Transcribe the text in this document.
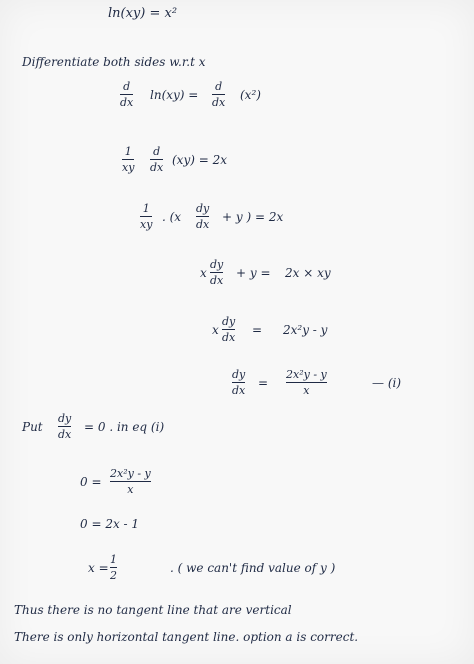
ln(xy) = x²
Differentiate both sides w.r.t x
d
dx
ln(xy) =
d
dx
(x²)
1
xy
d
dx
(xy) = 2x
1
xy
. (x
dy
dx
+ y ) = 2x
x
dy
dx
+ y = 2x × xy
x
dy
dx
= 2x²y - y
dy
dx
=
2x²y - y
x
— (i)
Put
dy
dx
= 0 . in eq (i)
0 =
2x²y - y
x
0 = 2x - 1
x =
1
2
. ( we can't find value of y )
Thus there is no tangent line that are vertical
There is only horizontal tangent line. option a is correct.
